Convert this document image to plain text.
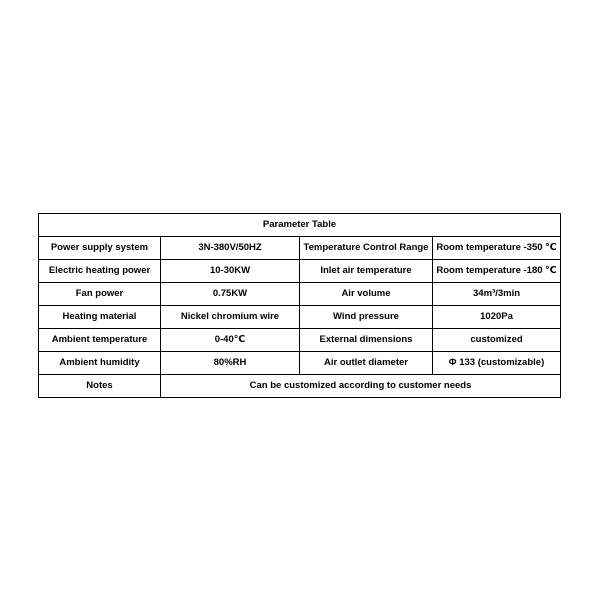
Parameter Table			
Power supply system	3N-380V/50HZ	Temperature Control Range	Room temperature -350 ℃
Electric heating power	10-30KW	Inlet air temperature	Room temperature -180 ℃
Fan power	0.75KW	Air volume	34m³/3min
Heating material	Nickel chromium wire	Wind pressure	1020Pa
Ambient temperature	0-40℃	External dimensions	customized
Ambient humidity	80%RH	Air outlet diameter	Φ 133 (customizable)
Notes	Can be customized according to customer needs		
